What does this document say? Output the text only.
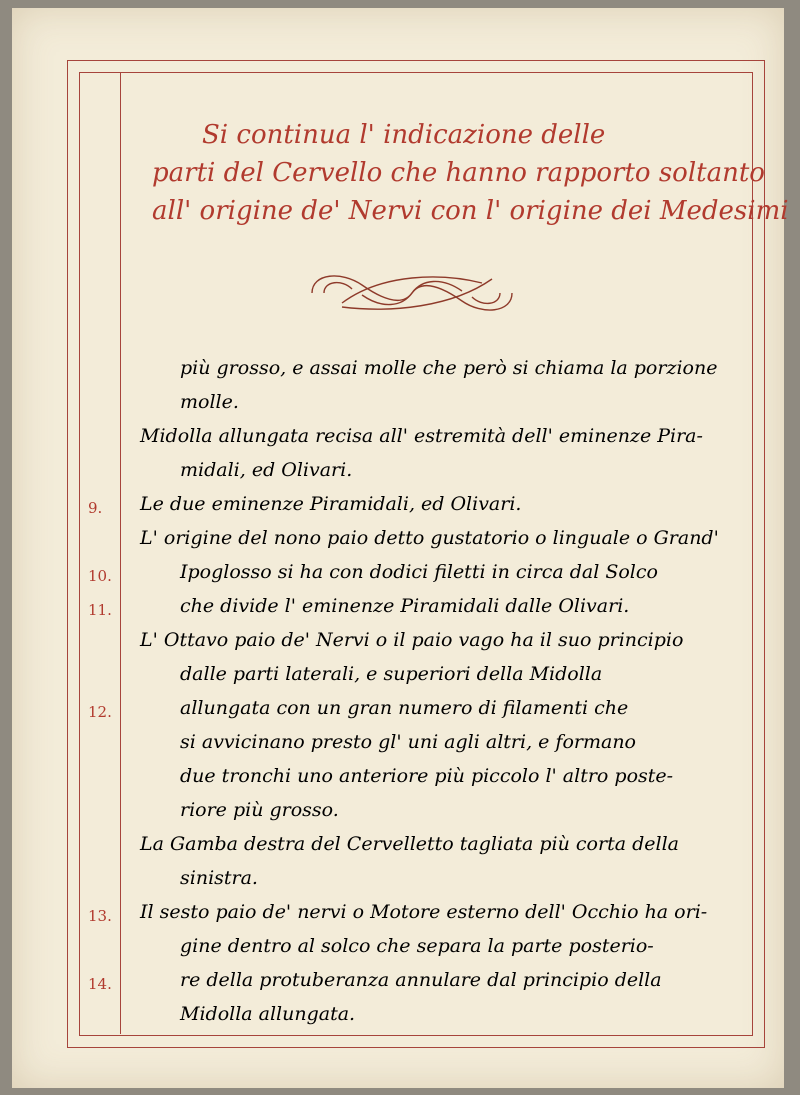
Si continua l' indicazione delle
parti del Cervello che hanno rapporto soltanto
all' origine de' Nervi con l' origine dei Medesimi
più grosso, e assai molle che però si chiama la porzione
molle.
9.
Midolla allungata recisa all' estremità dell' eminenze Pira-
midali, ed Olivari.
10.
Le due eminenze Piramidali, ed Olivari.
11.
L' origine del nono paio detto gustatorio o linguale o Grand'
Ipoglosso si ha con dodici filetti in circa dal Solco
che divide l' eminenze Piramidali dalle Olivari.
12.
L' Ottavo paio de' Nervi o il paio vago ha il suo principio
dalle parti laterali, e superiori della Midolla
allungata con un gran numero di filamenti che
si avvicinano presto gl' uni agli altri, e formano
due tronchi uno anteriore più piccolo l' altro poste-
riore più grosso.
13.
La Gamba destra del Cervelletto tagliata più corta della
sinistra.
14.
Il sesto paio de' nervi o Motore esterno dell' Occhio ha ori-
gine dentro al solco che separa la parte posterio-
re della protuberanza annulare dal principio della
Midolla allungata.
